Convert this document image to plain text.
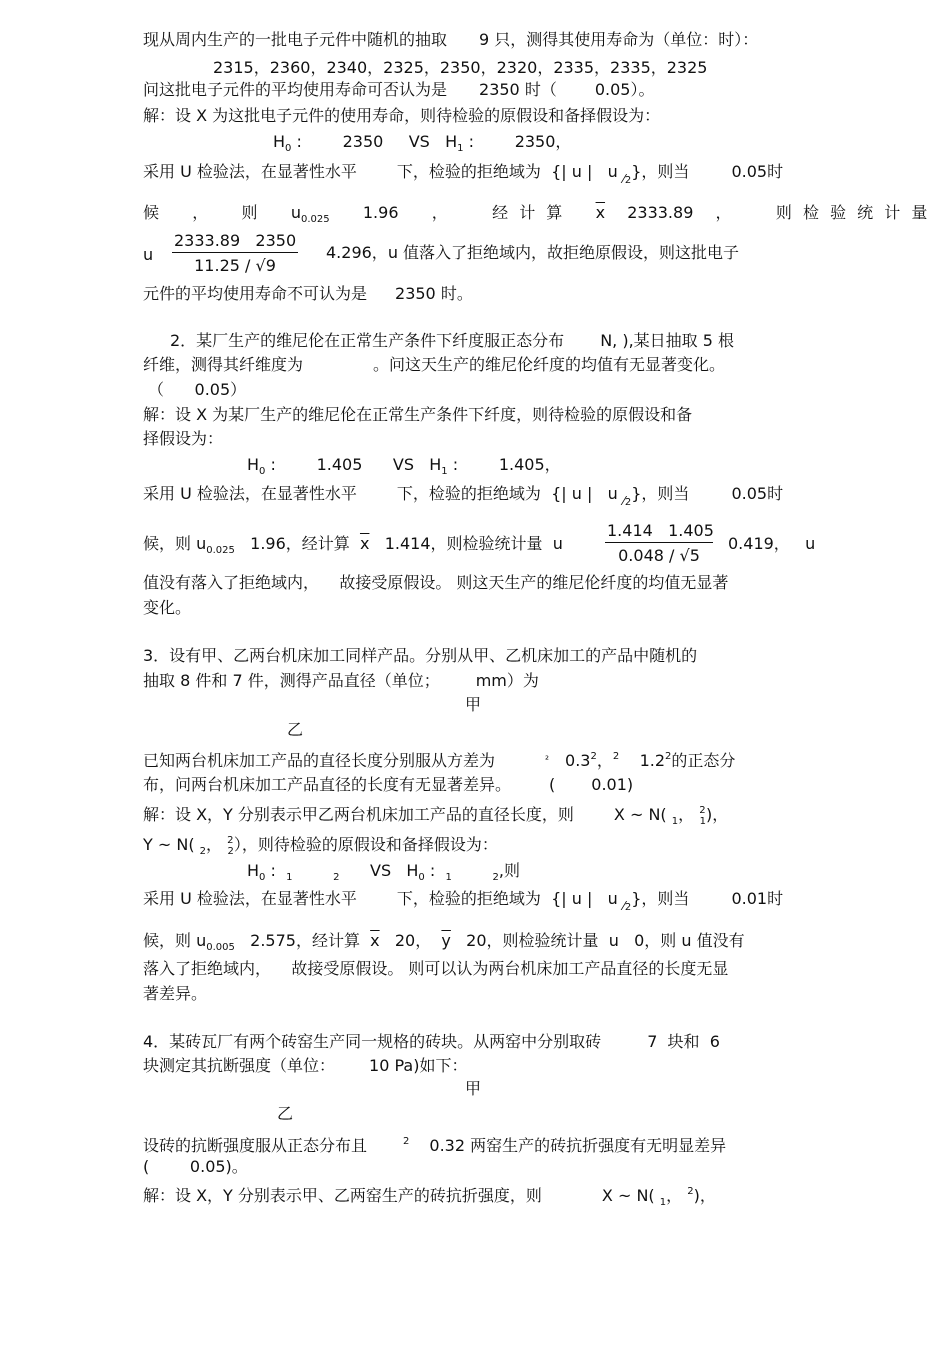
现从周内生产的一批电子元件中随机的抽取 9 只，测得其使用寿命为（单位：时）：
2315，2360，2340，2325，2350，2320，2335，2335，2325
问这批电子元件的平均使用寿命可否认为是 2350 时（ 0.05）。
解：设 X 为这批电子元件的使用寿命，则待检验的原假设和备择假设为：
$H_0$ :        2350 VS   $H_1$ :        2350，
采用 U 检验法，在显著性水平	下，检验的拒绝域为  {| u |   u ⁄2}，则当	0.05时
候   ，   则   $u_{0.025}$ 1.96   ，    经 计 算 $\overline{x}$ 2333.89  ，    则 检 验 统 计 量
u $\frac{2333.89 2350}{11.25 / √9} 4.296$，u 值落入了拒绝域内，故拒绝原假设，则这批电子
元件的平均使用寿命不可认为是 2350 时。
2．某厂生产的维尼伦在正常生产条件下纤度服正态分布 N, ),某日抽取 5 根
纤维，测得其纤维度为	。问这天生产的维尼伦纤度的均值有无显著变化。
（      0.05）
解：设 X 为某厂生产的维尼伦在正常生产条件下纤度，则待检验的原假设和备
择假设为：
$H_0$ :        1.405      VS   $H_1$ :        1.405，
采用 U 检验法，在显著性水平	下，检验的拒绝域为  {| u |   u ⁄2}，则当	0.05时
候，则 $u_{0.025}$ 1.96，经计算 $\overline{x}$ 1.414，则检验统计量  u	$\frac{1.414 1.405}{0.048 / √5} 0.419$，   u
值没有落入了拒绝域内，    故接受原假设。 则这天生产的维尼伦纤度的均值无显著
变化。
3．设有甲、乙两台机床加工同样产品。分别从甲、乙机床加工的产品中随机的
抽取 8 件和 7 件，测得产品直径（单位； mm）为
甲
乙
已知两台机床加工产品的直径长度分别服从方差为	² $0.3^2$，$^2$ $1.2^2$的正态分
布，问两台机床加工产品直径的长度有无显著差异。 ( 0.01)
解：设 X，Y 分别表示甲乙两台机床加工产品的直径长度，则	X ~ N( $_1$， $^2_1$)，
Y ~ N( $_2$， $^2_2$），则待检验的原假设和备择假设为：
$H_0$ :  $_1$	$_2$      VS   $H_0$ :  $_1$	$_2$,则
采用 U 检验法，在显著性水平	下，检验的拒绝域为  {| u |   u ⁄2}，则当	0.01时
候，则 $u_{0.005}$ 2.575，经计算 $\overline{x}$ 20， $\overline{y}$ 20，则检验统计量  u   0，则 u 值没有
落入了拒绝域内，    故接受原假设。 则可以认为两台机床加工产品直径的长度无显
著差异。
4．某砖瓦厂有两个砖窑生产同一规格的砖块。从两窑中分别取砖	7  块和  6
块测定其抗断强度（单位： 10 Pa)如下：
甲
乙
设砖的抗断强度服从正态分布且	$^2$ 0.32 两窑生产的砖抗折强度有无明显差异
(        0.05)。
解：设 X，Y 分别表示甲、乙两窑生产的砖抗折强度，则	X ~ N( $_1$， $^2$)，
